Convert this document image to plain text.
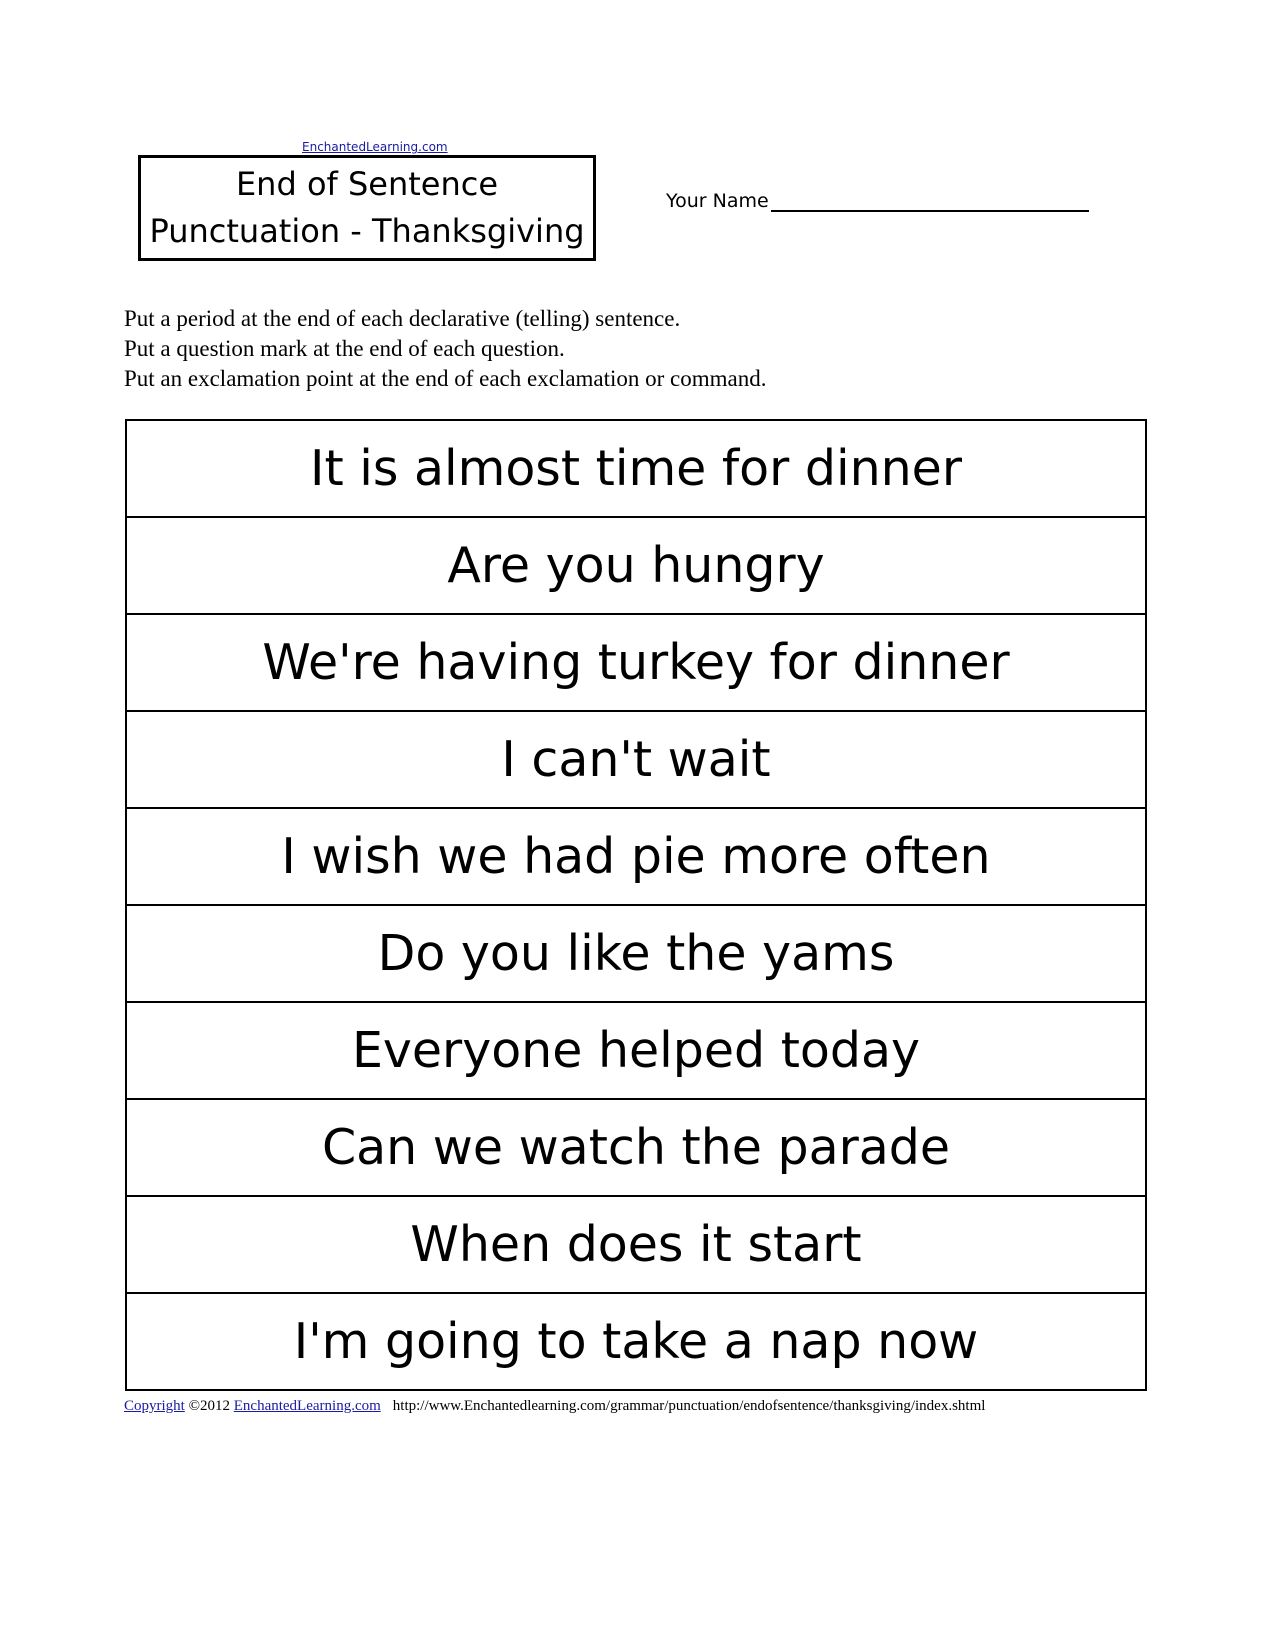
EnchantedLearning.com
End of Sentence
Punctuation - Thanksgiving
Your Name
Put a period at the end of each declarative (telling) sentence.
Put a question mark at the end of each question.
Put an exclamation point at the end of each exclamation or command.
It is almost time for dinner
Are you hungry
We're having turkey for dinner
I can't wait
I wish we had pie more often
Do you like the yams
Everyone helped today
Can we watch the parade
When does it start
I'm going to take a nap now
Copyright ©2012 EnchantedLearning.com http://www.Enchantedlearning.com/grammar/punctuation/endofsentence/thanksgiving/index.shtml
